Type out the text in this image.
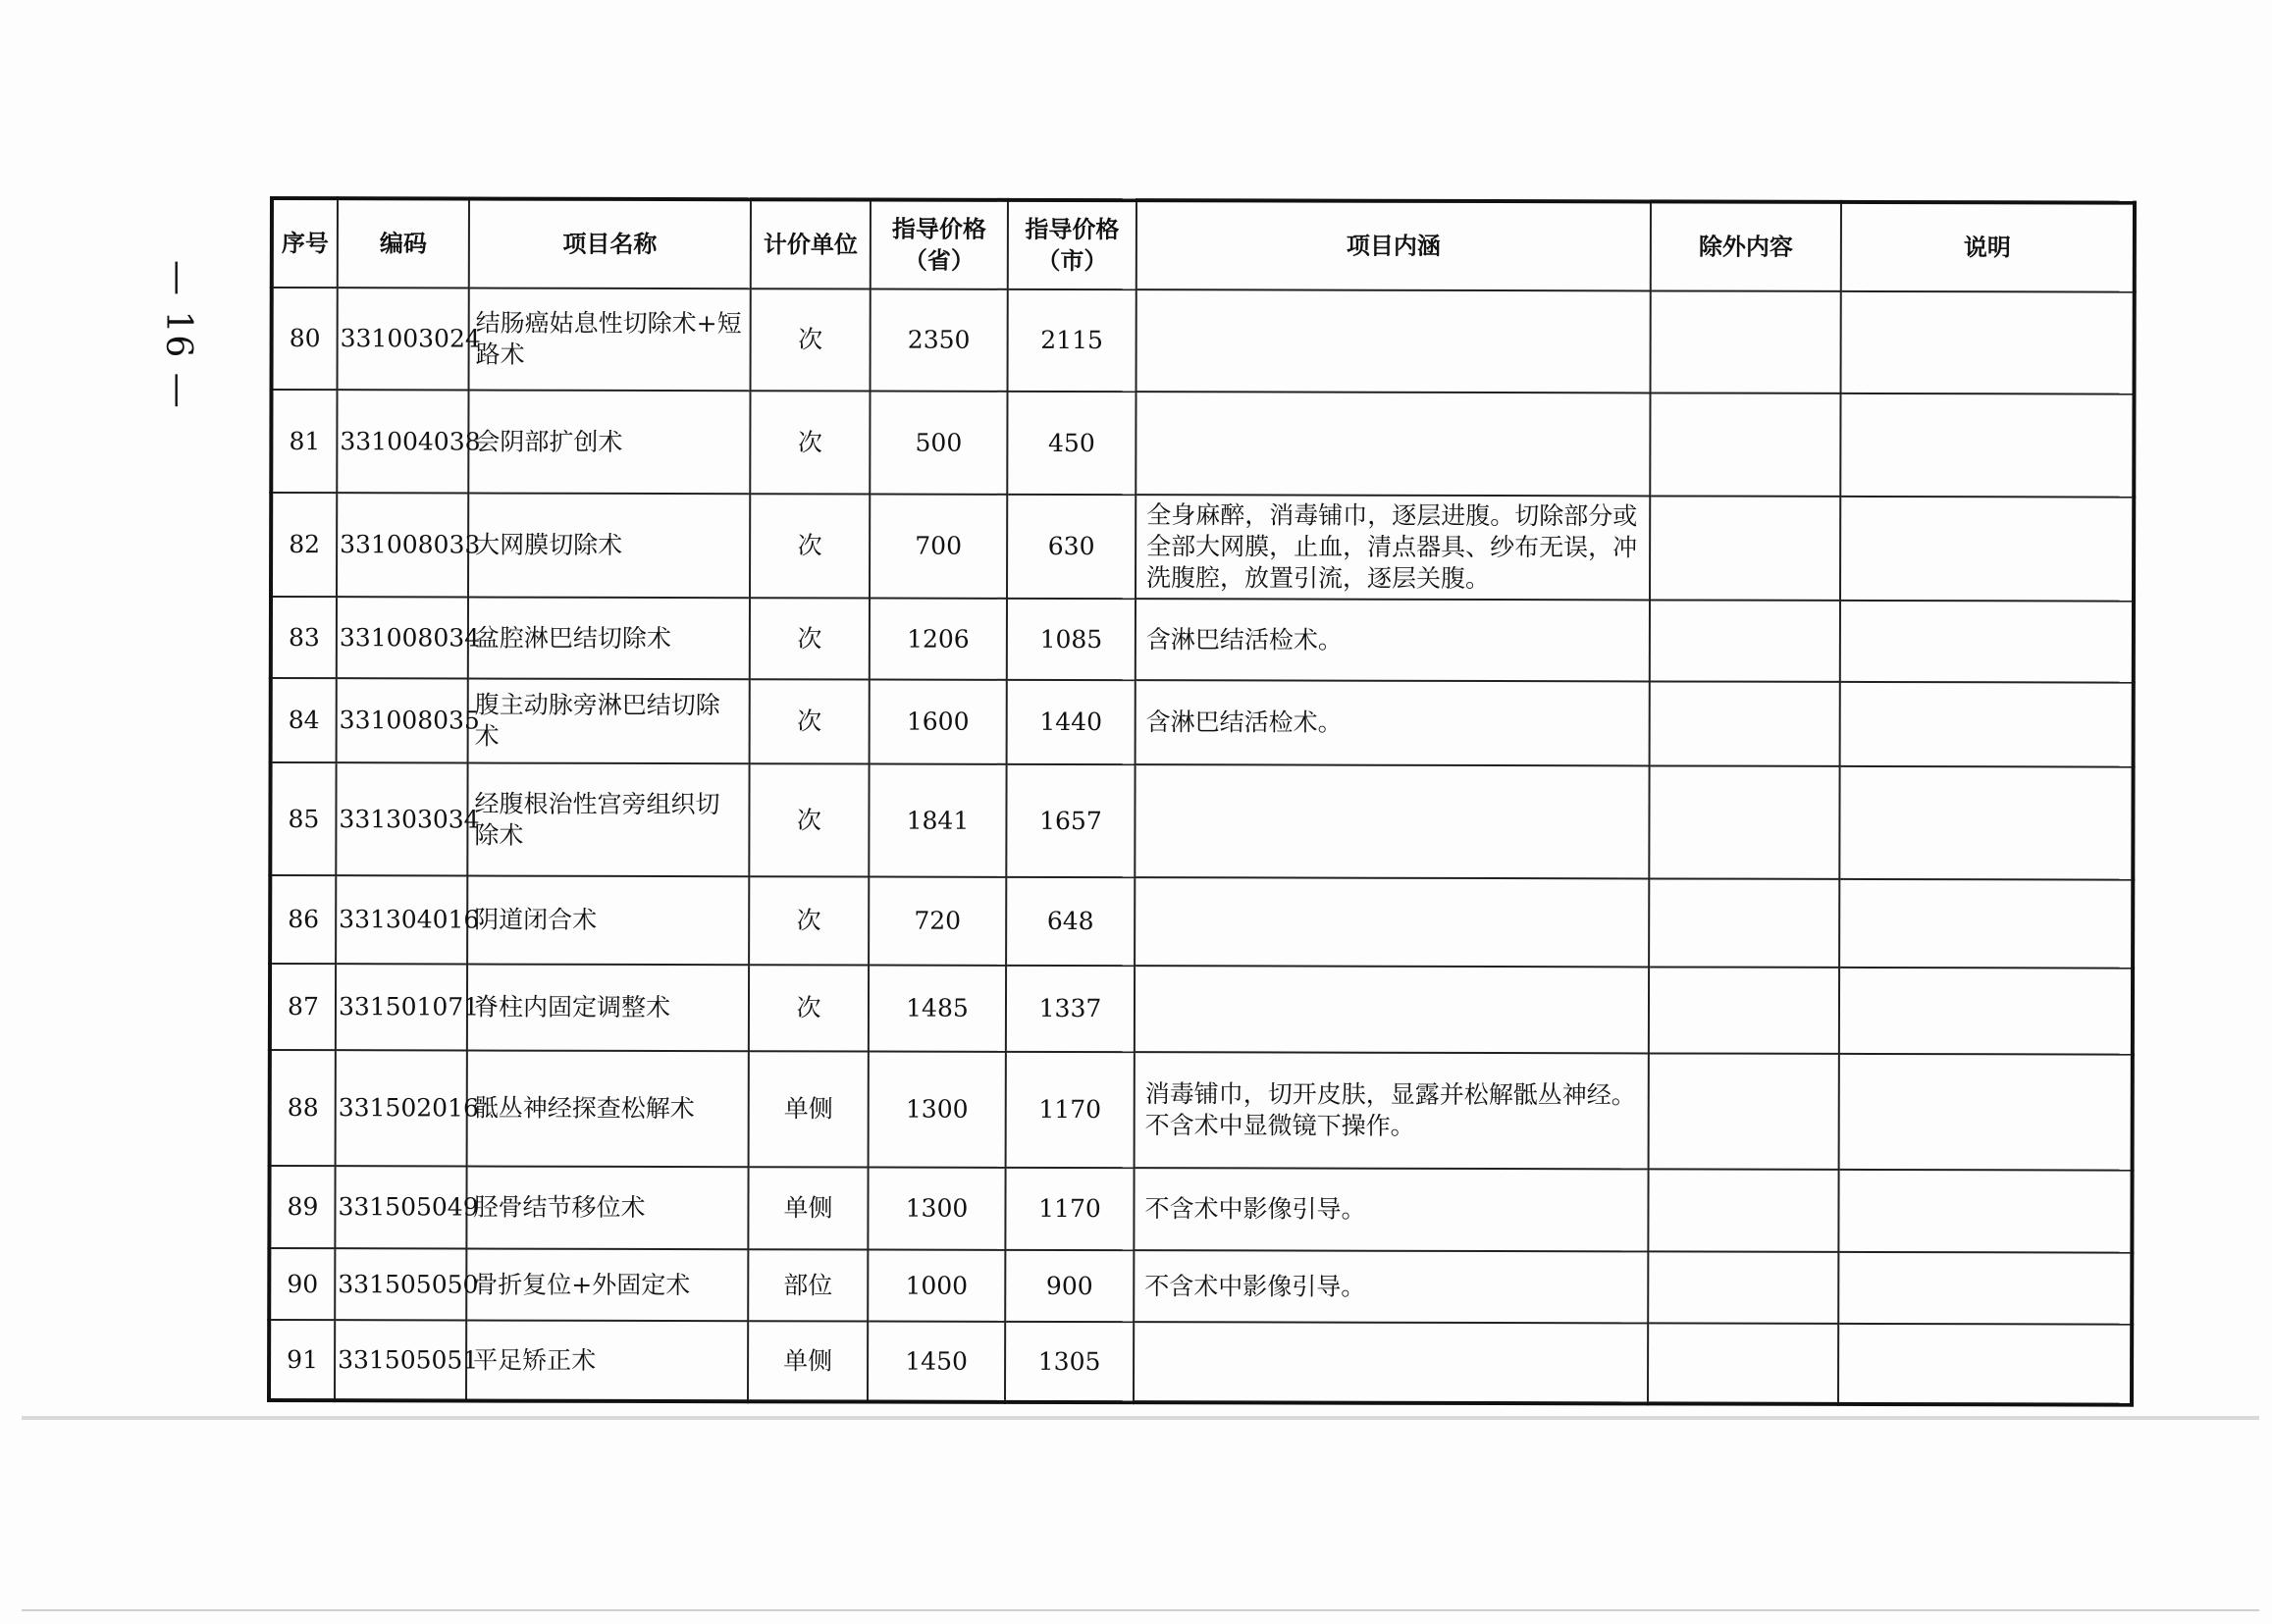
— 16 —
序号	编码	项目名称	计价单位	指导价格（省）	指导价格（市）	项目内涵	除外内容	说明
80	331003024	结肠癌姑息性切除术+短路术	次	2350	2115			
81	331004038	会阴部扩创术	次	500	450			
82	331008033	大网膜切除术	次	700	630	全身麻醉，消毒铺巾，逐层进腹。切除部分或全部大网膜，止血，清点器具、纱布无误，冲洗腹腔，放置引流，逐层关腹。		
83	331008034	盆腔淋巴结切除术	次	1206	1085	含淋巴结活检术。		
84	331008035	腹主动脉旁淋巴结切除术	次	1600	1440	含淋巴结活检术。		
85	331303034	经腹根治性宫旁组织切除术	次	1841	1657			
86	331304016	阴道闭合术	次	720	648			
87	331501071	脊柱内固定调整术	次	1485	1337			
88	331502016	骶丛神经探查松解术	单侧	1300	1170	消毒铺巾，切开皮肤，显露并松解骶丛神经。不含术中显微镜下操作。		
89	331505049	胫骨结节移位术	单侧	1300	1170	不含术中影像引导。		
90	331505050	骨折复位+外固定术	部位	1000	900	不含术中影像引导。		
91	331505051	平足矫正术	单侧	1450	1305			
